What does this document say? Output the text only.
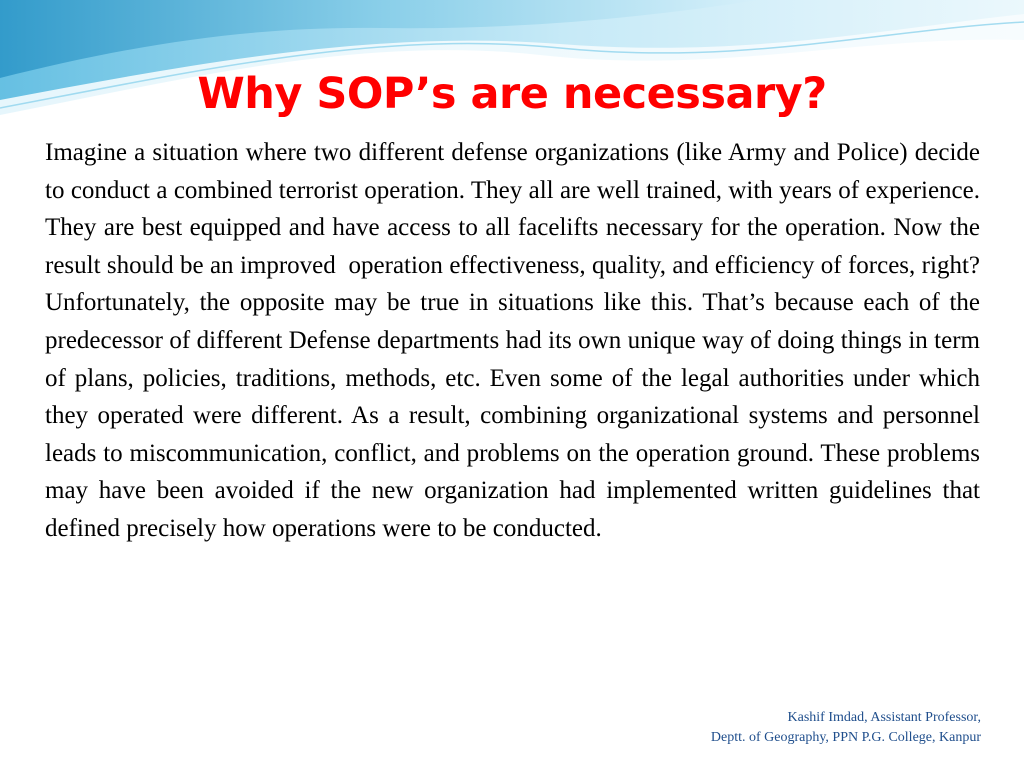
Why SOP’s are necessary?

Imagine a situation where two different defense organizations (like Army and Police) decide to conduct a combined terrorist operation. They all are well trained, with years of experience. They are best equipped and have access to all facelifts necessary for the operation. Now the result should be an improved  operation effectiveness, quality, and efficiency of forces, right? Unfortunately, the opposite may be true in situations like this. That’s because each of the predecessor of different Defense departments had its own unique way of doing things in term of plans, policies, traditions, methods, etc. Even some of the legal authorities under which they operated were different. As a result, combining organizational systems and personnel leads to miscommunication, conflict, and problems on the operation ground. These problems may have been avoided if the new organization had implemented written guidelines that defined precisely how operations were to be conducted.

Kashif Imdad, Assistant Professor,
Deptt. of Geography, PPN P.G. College, Kanpur
